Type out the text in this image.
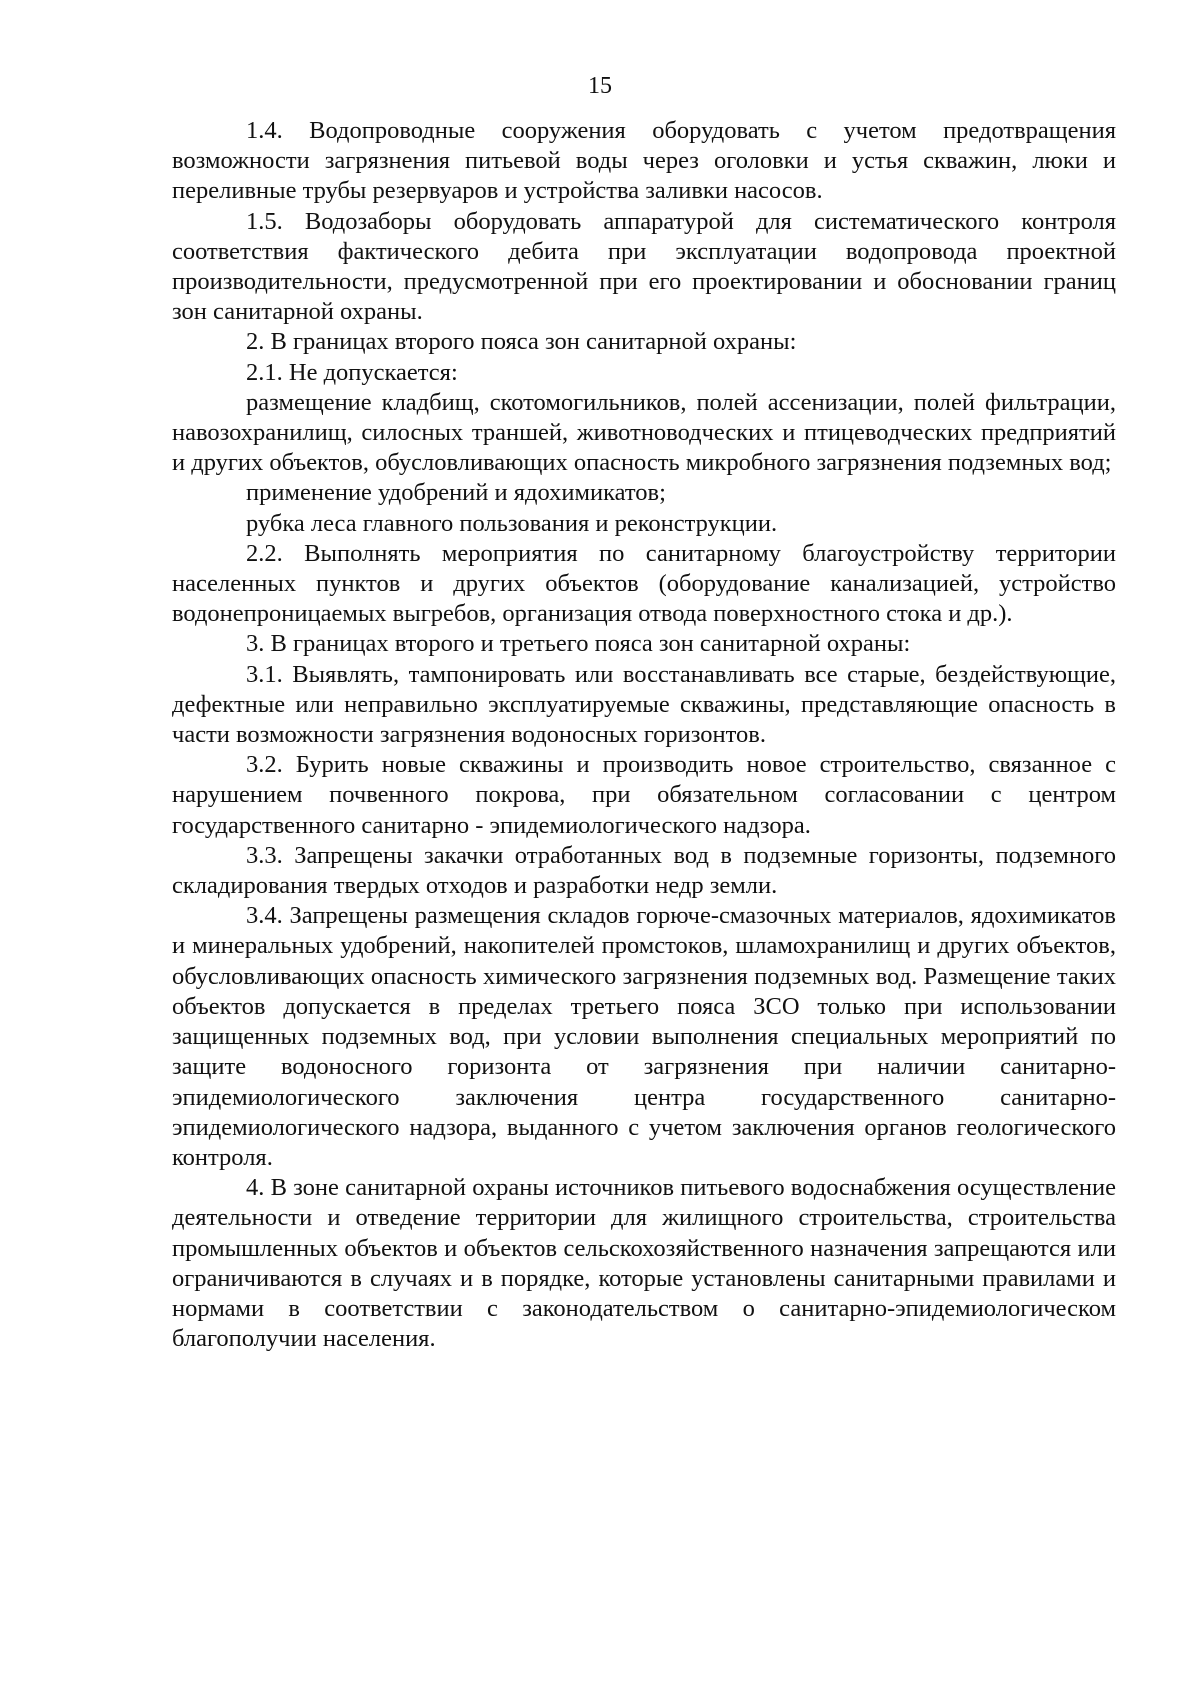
15

1.4. Водопроводные сооружения оборудовать с учетом предотвращения возможности загрязнения питьевой воды через оголовки и устья скважин, люки и переливные трубы резервуаров и устройства заливки насосов.

1.5. Водозаборы оборудовать аппаратурой для систематического контроля соответствия фактического дебита при эксплуатации водопровода проектной производительности, предусмотренной при его проектировании и обосновании границ зон санитарной охраны.

2. В границах второго пояса зон санитарной охраны:

2.1. Не допускается:

размещение кладбищ, скотомогильников, полей ассенизации, полей фильтрации, навозохранилищ, силосных траншей, животноводческих и птицеводческих предприятий и других объектов, обусловливающих опасность микробного загрязнения подземных вод;

применение удобрений и ядохимикатов;

рубка леса главного пользования и реконструкции.

2.2. Выполнять мероприятия по санитарному благоустройству территории населенных пунктов и других объектов (оборудование канализацией, устройство водонепроницаемых выгребов, организация отвода поверхностного стока и др.).

3. В границах второго и третьего пояса зон санитарной охраны:

3.1. Выявлять, тампонировать или восстанавливать все старые, бездействующие, дефектные или неправильно эксплуатируемые скважины, представляющие опасность в части возможности загрязнения водоносных горизонтов.

3.2. Бурить новые скважины и производить новое строительство, связанное с нарушением почвенного покрова, при обязательном согласовании с центром государственного санитарно - эпидемиологического надзора.

3.3. Запрещены закачки отработанных вод в подземные горизонты, подземного складирования твердых отходов и разработки недр земли.

3.4. Запрещены размещения складов горюче-смазочных материалов, ядохимикатов и минеральных удобрений, накопителей промстоков, шламохранилищ и других объектов, обусловливающих опасность химического загрязнения подземных вод. Размещение таких объектов допускается в пределах третьего пояса ЗСО только при использовании защищенных подземных вод, при условии выполнения специальных мероприятий по защите водоносного горизонта от загрязнения при наличии санитарно-эпидемиологического заключения центра государственного санитарно-эпидемиологического надзора, выданного с учетом заключения органов геологического контроля.

4. В зоне санитарной охраны источников питьевого водоснабжения осуществление деятельности и отведение территории для жилищного строительства, строительства промышленных объектов и объектов сельскохозяйственного назначения запрещаются или ограничиваются в случаях и в порядке, которые установлены санитарными правилами и нормами в соответствии с законодательством о санитарно-эпидемиологическом благополучии населения.
